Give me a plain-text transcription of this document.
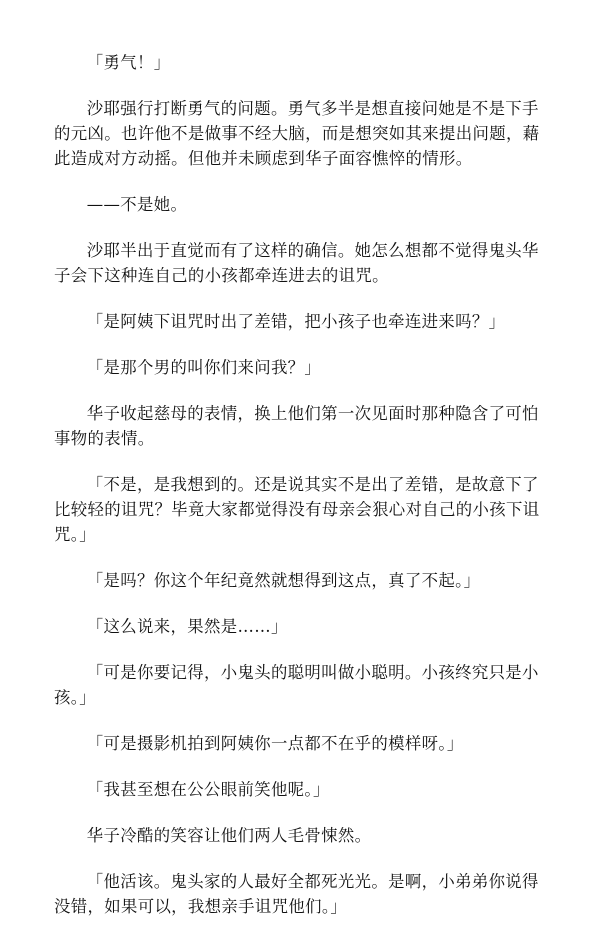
「勇气！」

沙耶强行打断勇气的问题。勇气多半是想直接问她是不是下手的元凶。也许他不是做事不经大脑，而是想突如其来提出问题，藉此造成对方动摇。但他并未顾虑到华子面容憔悴的情形。

——不是她。

沙耶半出于直觉而有了这样的确信。她怎么想都不觉得鬼头华子会下这种连自己的小孩都牵连进去的诅咒。

「是阿姨下诅咒时出了差错，把小孩子也牵连进来吗？」

「是那个男的叫你们来问我？」

华子收起慈母的表情，换上他们第一次见面时那种隐含了可怕事物的表情。

「不是，是我想到的。还是说其实不是出了差错，是故意下了比较轻的诅咒？毕竟大家都觉得没有母亲会狠心对自己的小孩下诅咒。」

「是吗？你这个年纪竟然就想得到这点，真了不起。」

「这么说来，果然是……」

「可是你要记得，小鬼头的聪明叫做小聪明。小孩终究只是小孩。」

「可是摄影机拍到阿姨你一点都不在乎的模样呀。」

「我甚至想在公公眼前笑他呢。」

华子冷酷的笑容让他们两人毛骨悚然。

「他活该。鬼头家的人最好全都死光光。是啊，小弟弟你说得没错，如果可以，我想亲手诅咒他们。」
